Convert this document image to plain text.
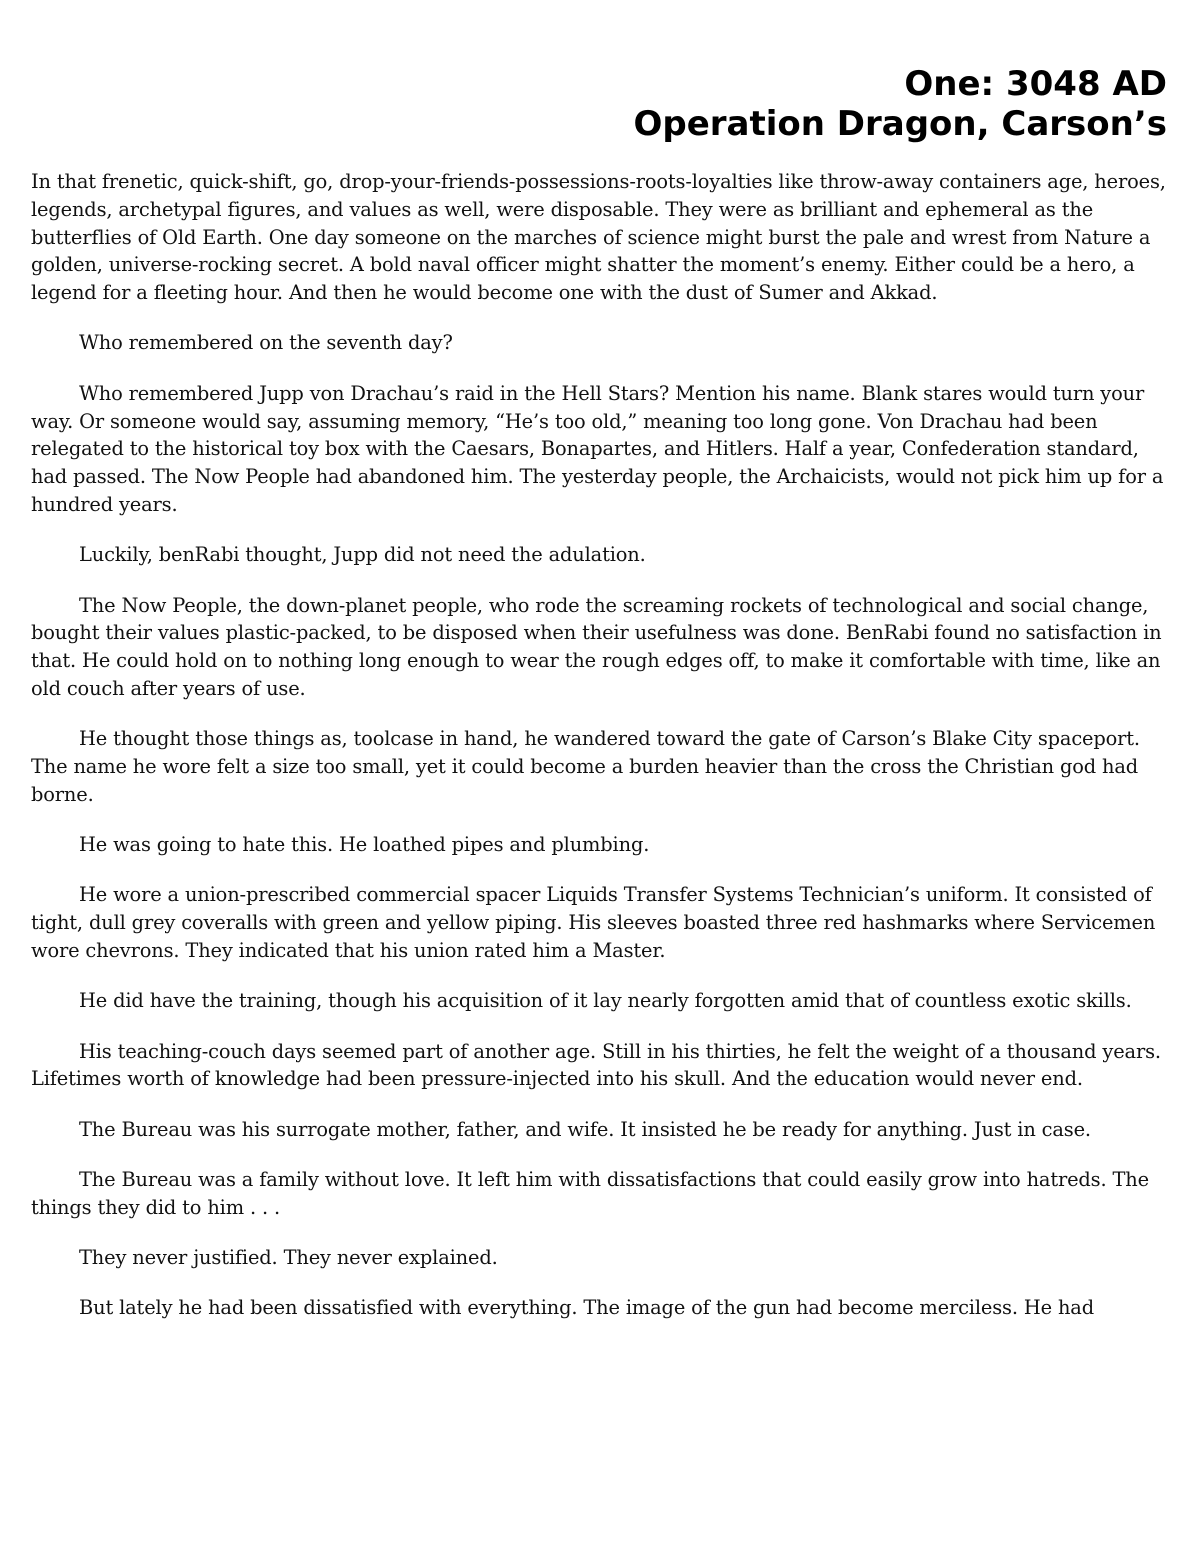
One: 3048 AD
Operation Dragon, Carson’s

In that frenetic, quick-shift, go, drop-your-friends-possessions-roots-loyalties like throw-away containers age, heroes, legends, archetypal figures, and values as well, were disposable. They were as brilliant and ephemeral as the butterflies of Old Earth. One day someone on the marches of science might burst the pale and wrest from Nature a golden, universe-rocking secret. A bold naval officer might shatter the moment’s enemy. Either could be a hero, a legend for a fleeting hour. And then he would become one with the dust of Sumer and Akkad.

Who remembered on the seventh day?

Who remembered Jupp von Drachau’s raid in the Hell Stars? Mention his name. Blank stares would turn your way. Or someone would say, assuming memory, “He’s too old,” meaning too long gone. Von Drachau had been relegated to the historical toy box with the Caesars, Bonapartes, and Hitlers. Half a year, Confederation standard, had passed. The Now People had abandoned him. The yesterday people, the Archaicists, would not pick him up for a hundred years.

Luckily, benRabi thought, Jupp did not need the adulation.

The Now People, the down-planet people, who rode the screaming rockets of technological and social change, bought their values plastic-packed, to be disposed when their usefulness was done. BenRabi found no satisfaction in that. He could hold on to nothing long enough to wear the rough edges off, to make it comfortable with time, like an old couch after years of use.

He thought those things as, toolcase in hand, he wandered toward the gate of Carson’s Blake City spaceport. The name he wore felt a size too small, yet it could become a burden heavier than the cross the Christian god had borne.

He was going to hate this. He loathed pipes and plumbing.

He wore a union-prescribed commercial spacer Liquids Transfer Systems Technician’s uniform. It consisted of tight, dull grey coveralls with green and yellow piping. His sleeves boasted three red hashmarks where Servicemen wore chevrons. They indicated that his union rated him a Master.

He did have the training, though his acquisition of it lay nearly forgotten amid that of countless exotic skills.

His teaching-couch days seemed part of another age. Still in his thirties, he felt the weight of a thousand years. Lifetimes worth of knowledge had been pressure-injected into his skull. And the education would never end.

The Bureau was his surrogate mother, father, and wife. It insisted he be ready for anything. Just in case.

The Bureau was a family without love. It left him with dissatisfactions that could easily grow into hatreds. The things they did to him . . .

They never justified. They never explained.

But lately he had been dissatisfied with everything. The image of the gun had become merciless. He had
